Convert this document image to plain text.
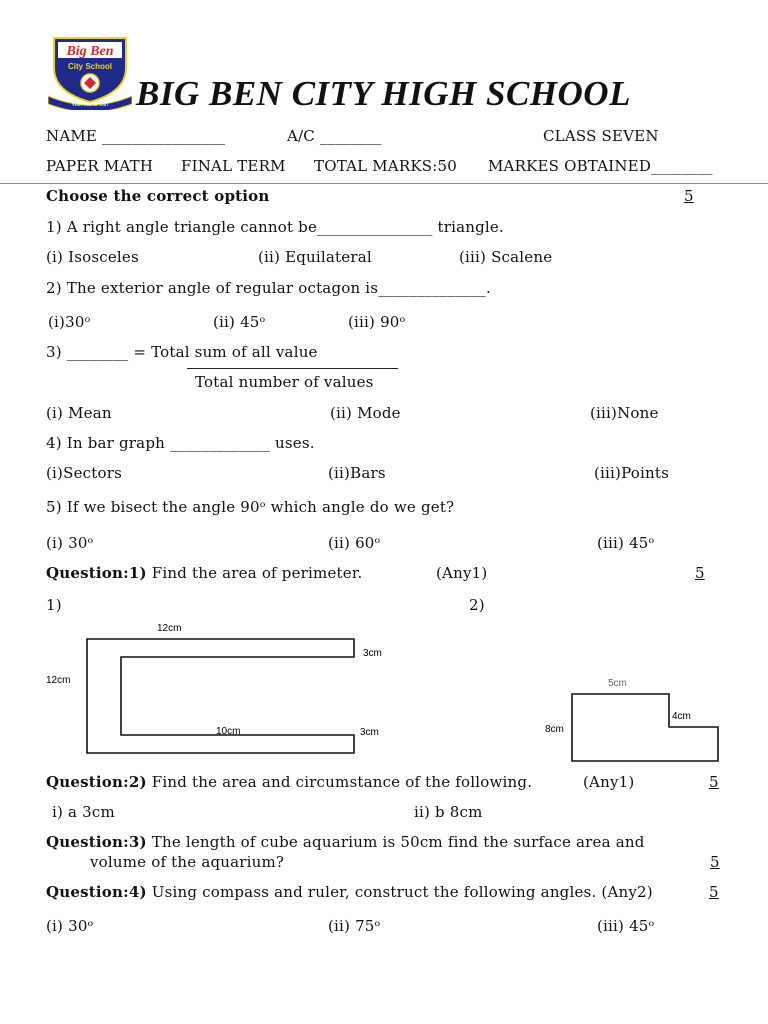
Big Ben
City School
Wah Kamar Lan BIG BEN CITY HIGH SCHOOL
NAME ________________	A/C ________	CLASS SEVEN
PAPER MATH FINAL TERM TOTAL MARKS:50 MARKES OBTAINED________
Choose the correct option	5
1) A right angle triangle cannot be_______________ triangle.
(i) Isosceles	(ii) Equilateral	(iii) Scalene
2) The exterior angle of regular octagon is______________.
(i)30ᵒ	(ii) 45ᵒ	(iii) 90ᵒ
3) ________ = Total sum of all value
Total number of values
(i) Mean	(ii) Mode	(iii)None
4) In bar graph _____________ uses.
(i)Sectors	(ii)Bars	(iii)Points
5) If we bisect the angle 90ᵒ which angle do we get?
(i) 30ᵒ	(ii) 60ᵒ	(iii) 45ᵒ
Question:1) Find the area of perimeter.	(Any1)	5
1)	2)
12cm
12cm
3cm
10cm	3cm
5cm
8cm
4cm
Question:2) Find the area and circumstance of the following.	(Any1)	5
i) a 3cm	ii) b 8cm
Question:3) The length of cube aquarium is 50cm find the surface area and
volume of the aquarium?	5
Question:4) Using compass and ruler, construct the following angles. (Any2)	5
(i) 30ᵒ	(ii) 75ᵒ	(iii) 45ᵒ
